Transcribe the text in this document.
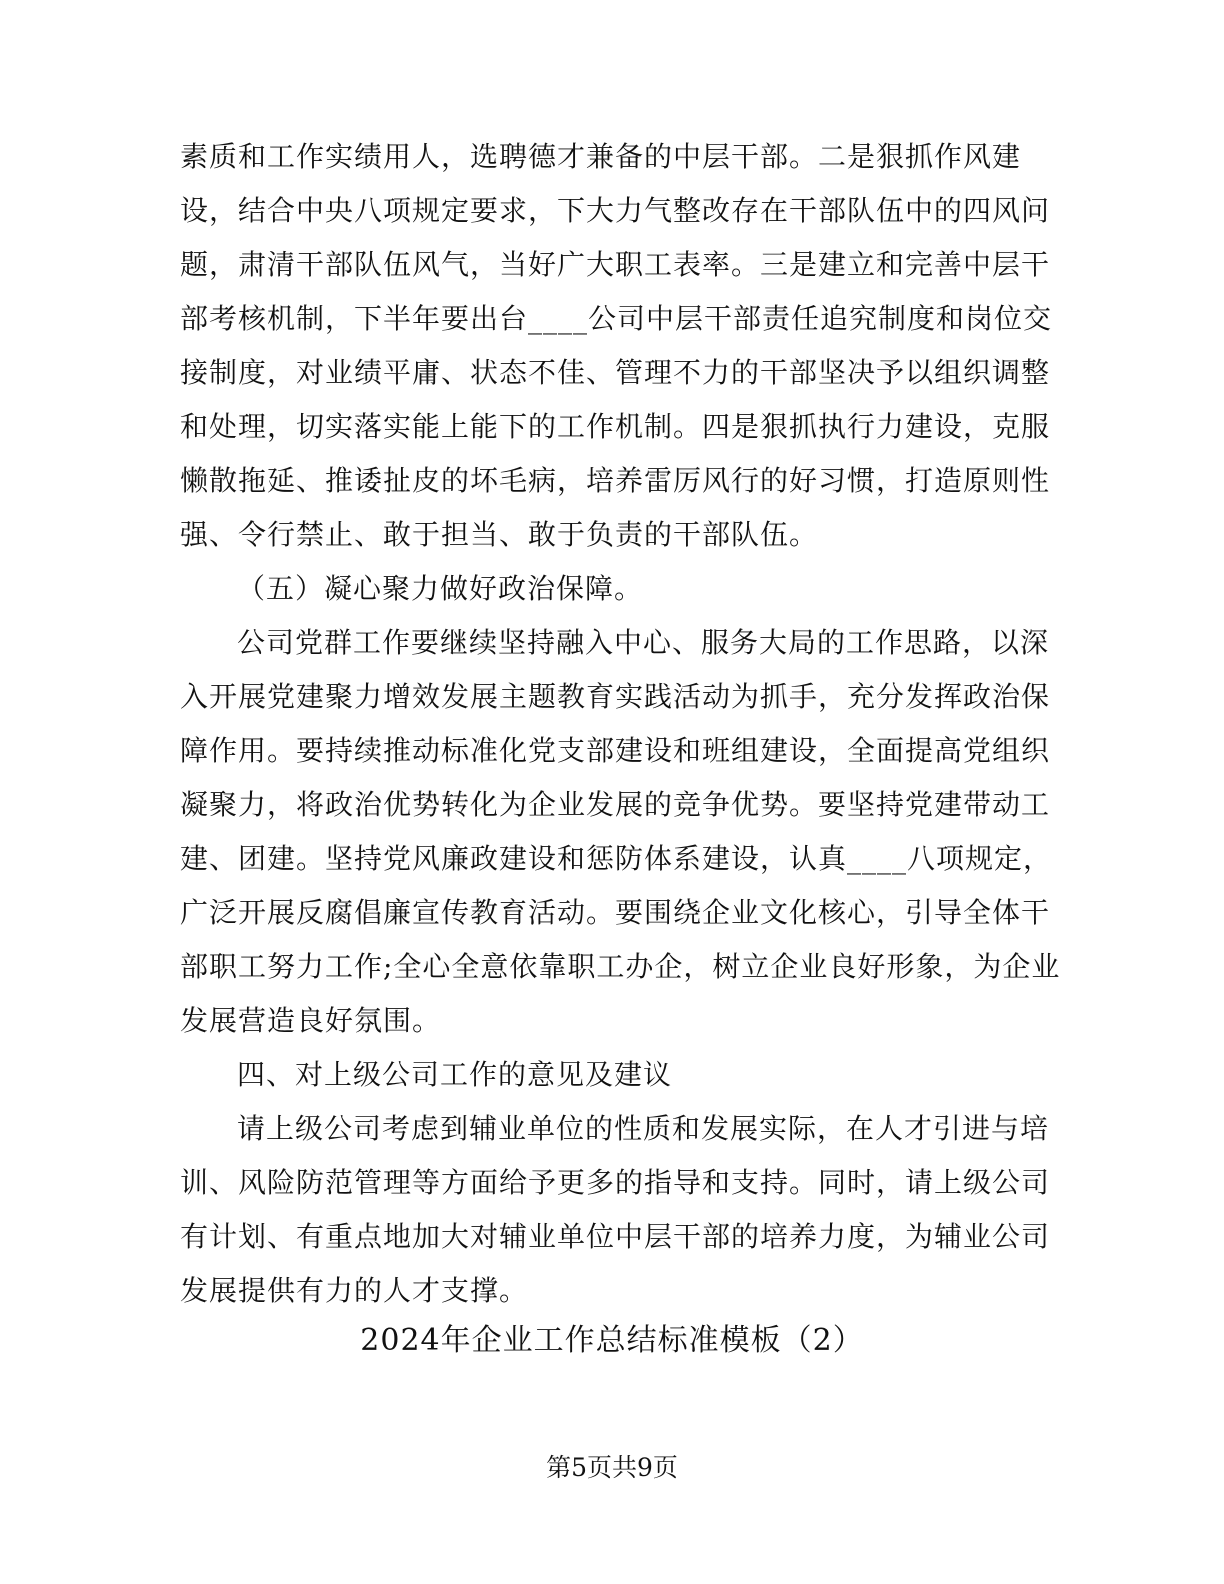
素质和工作实绩用人，选聘德才兼备的中层干部。二是狠抓作风建
设，结合中央八项规定要求，下大力气整改存在干部队伍中的四风问
题，肃清干部队伍风气，当好广大职工表率。三是建立和完善中层干
部考核机制，下半年要出台____公司中层干部责任追究制度和岗位交
接制度，对业绩平庸、状态不佳、管理不力的干部坚决予以组织调整
和处理，切实落实能上能下的工作机制。四是狠抓执行力建设，克服
懒散拖延、推诿扯皮的坏毛病，培养雷厉风行的好习惯，打造原则性
强、令行禁止、敢于担当、敢于负责的干部队伍。
（五）凝心聚力做好政治保障。
公司党群工作要继续坚持融入中心、服务大局的工作思路，以深
入开展党建聚力增效发展主题教育实践活动为抓手，充分发挥政治保
障作用。要持续推动标准化党支部建设和班组建设，全面提高党组织
凝聚力，将政治优势转化为企业发展的竞争优势。要坚持党建带动工
建、团建。坚持党风廉政建设和惩防体系建设，认真____八项规定，
广泛开展反腐倡廉宣传教育活动。要围绕企业文化核心，引导全体干
部职工努力工作;全心全意依靠职工办企，树立企业良好形象，为企业
发展营造良好氛围。
四、对上级公司工作的意见及建议
请上级公司考虑到辅业单位的性质和发展实际，在人才引进与培
训、风险防范管理等方面给予更多的指导和支持。同时，请上级公司
有计划、有重点地加大对辅业单位中层干部的培养力度，为辅业公司
发展提供有力的人才支撑。
2024年企业工作总结标准模板（2）
第5页共9页
